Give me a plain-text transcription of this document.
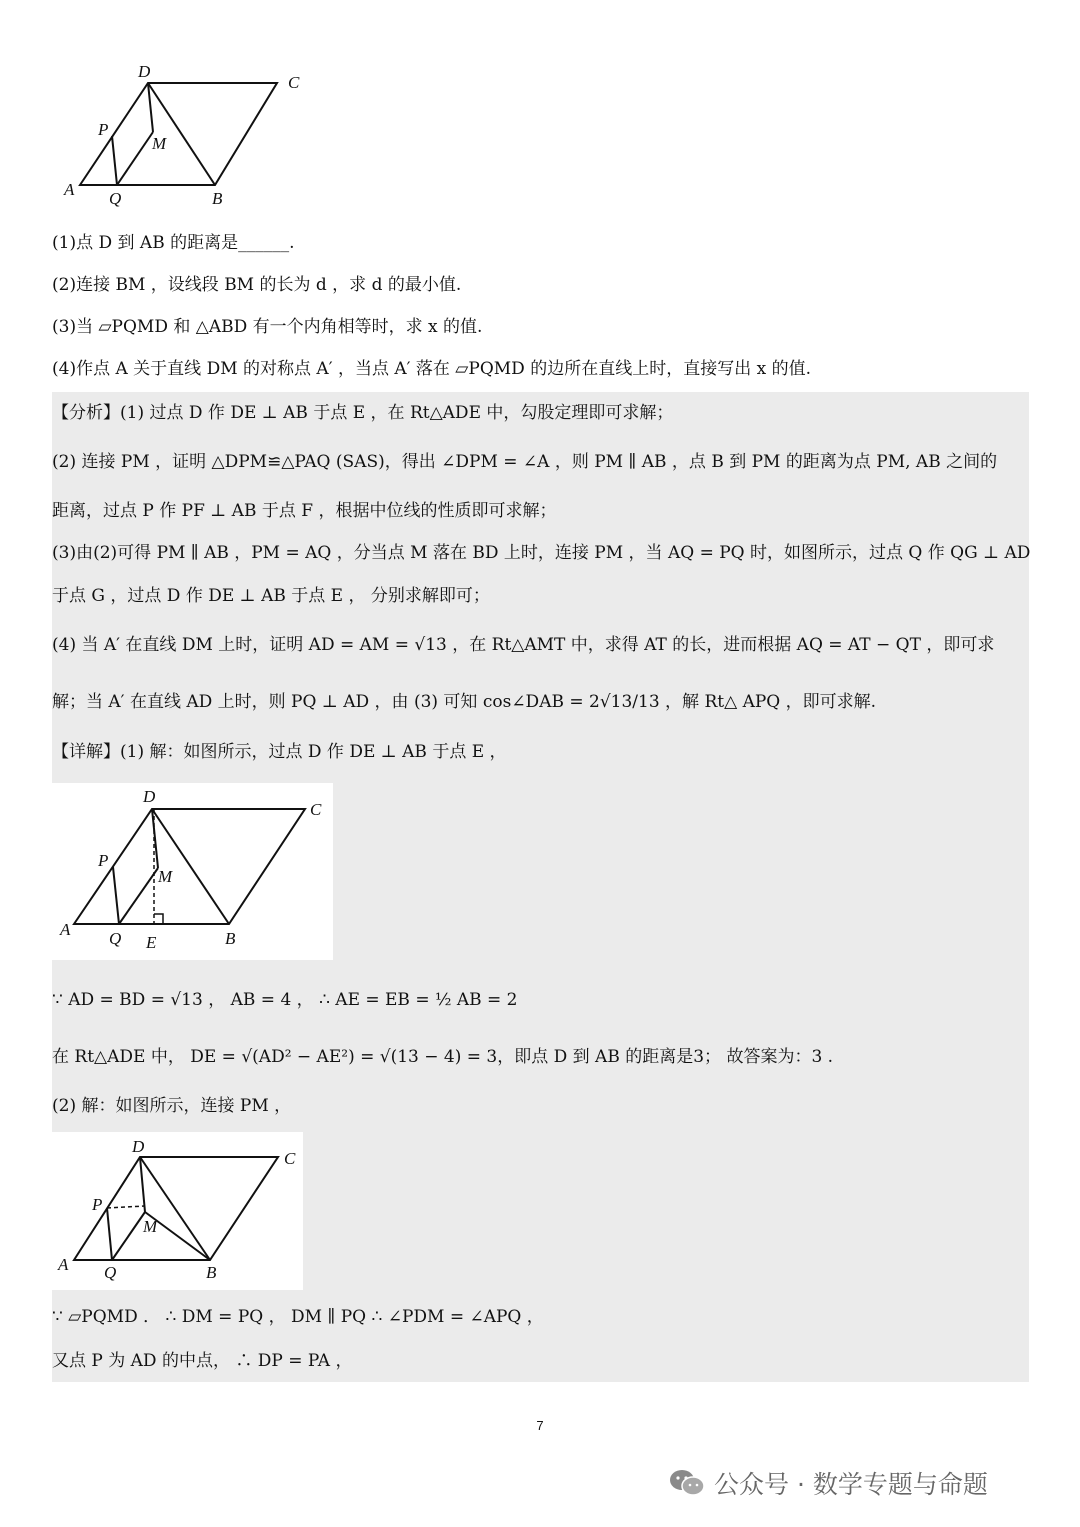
D
C
P
M
A Q	B
(1)点 D 到 AB 的距离是______.
(2)连接 BM ，设线段 BM 的长为 d ，求 d 的最小值.
(3)当 ▱PQMD 和 △ABD 有一个内角相等时，求 x 的值.
(4)作点 A 关于直线 DM 的对称点 A′ ，当点 A′ 落在 ▱PQMD 的边所在直线上时，直接写出 x 的值.
【分析】(1) 过点 D 作 DE ⊥ AB 于点 E ，在 Rt△ADE 中，勾股定理即可求解；
(2) 连接 PM ，证明 △DPM≌△PAQ (SAS)，得出 ∠DPM = ∠A ，则 PM ∥ AB ，点 B 到 PM 的距离为点 PM, AB 之间的
距离，过点 P 作 PF ⊥ AB 于点 F ，根据中位线的性质即可求解；
(3)由(2)可得 PM ∥ AB ，PM = AQ ，分当点 M 落在 BD 上时，连接 PM ，当 AQ = PQ 时，如图所示，过点 Q 作 QG ⊥ AD
于点 G ，过点 D 作 DE ⊥ AB 于点 E ， 分别求解即可；
(4) 当 A′ 在直线 DM 上时，证明 AD = AM = √13 ，在 Rt△AMT 中，求得 AT 的长，进而根据 AQ = AT − QT ，即可求
解；当 A′ 在直线 AD 上时，则 PQ ⊥ AD ，由 (3) 可知 cos∠DAB = 2√13/13 ，解 Rt△ APQ ，即可求解.
【详解】(1) 解：如图所示，过点 D 作 DE ⊥ AB 于点 E ，
D
C
P
M
A Q E	B
∵ AD = BD = √13 ， AB = 4 ， ∴ AE = EB = ½ AB = 2
在 Rt△ADE 中， DE = √(AD² − AE²) = √(13 − 4) = 3，即点 D 到 AB 的距离是3； 故答案为：3 .
(2) 解：如图所示，连接 PM ，
D
C
P
M
A Q	B
∵ ▱PQMD ． ∴ DM = PQ ， DM ∥ PQ ∴ ∠PDM = ∠APQ ，
又点 P 为 AD 的中点， ∴ DP = PA ，
7
公众号 · 数学专题与命题
